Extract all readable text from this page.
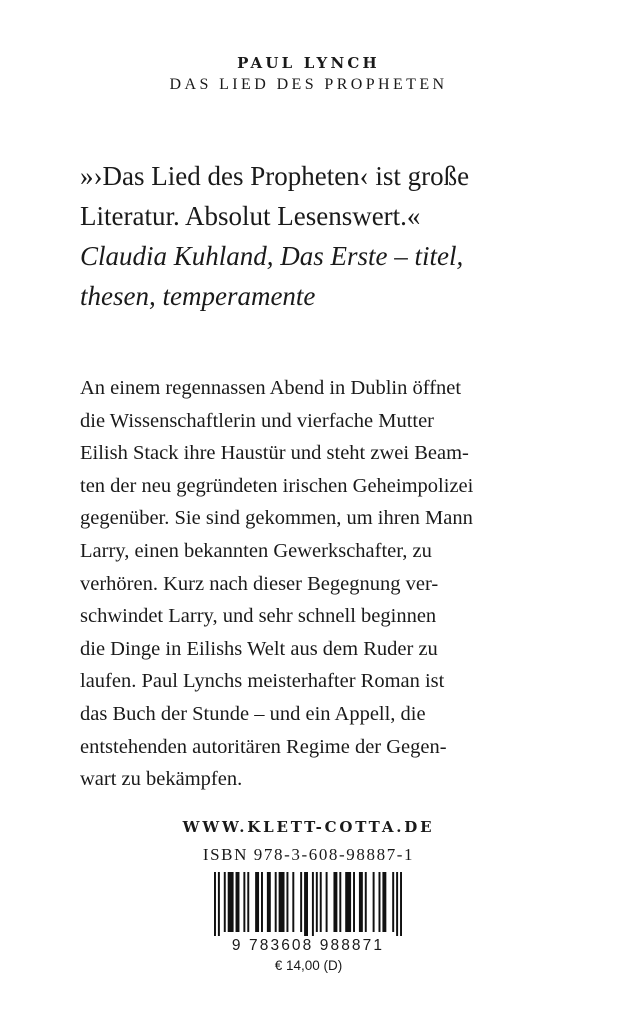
PAUL LYNCH
DAS LIED DES PROPHETEN
»›Das Lied des Propheten‹ ist große
Literatur. Absolut Lesenswert.«
Claudia Kuhland, Das Erste – titel,
thesen, temperamente
An einem regennassen Abend in Dublin öffnet
die Wissenschaftlerin und vierfache Mutter
Eilish Stack ihre Haustür und steht zwei Beam-
ten der neu gegründeten irischen Geheimpolizei
gegenüber. Sie sind gekommen, um ihren Mann
Larry, einen bekannten Gewerkschafter, zu
verhören. Kurz nach dieser Begegnung ver-
schwindet Larry, und sehr schnell beginnen
die Dinge in Eilishs Welt aus dem Ruder zu
laufen. Paul Lynchs meisterhafter Roman ist
das Buch der Stunde – und ein Appell, die
entstehenden autoritären Regime der Gegen-
wart zu bekämpfen.
WWW.KLETT-COTTA.DE
ISBN 978-3-608-98887-1
9 783608 988871
€ 14,00 (D)
